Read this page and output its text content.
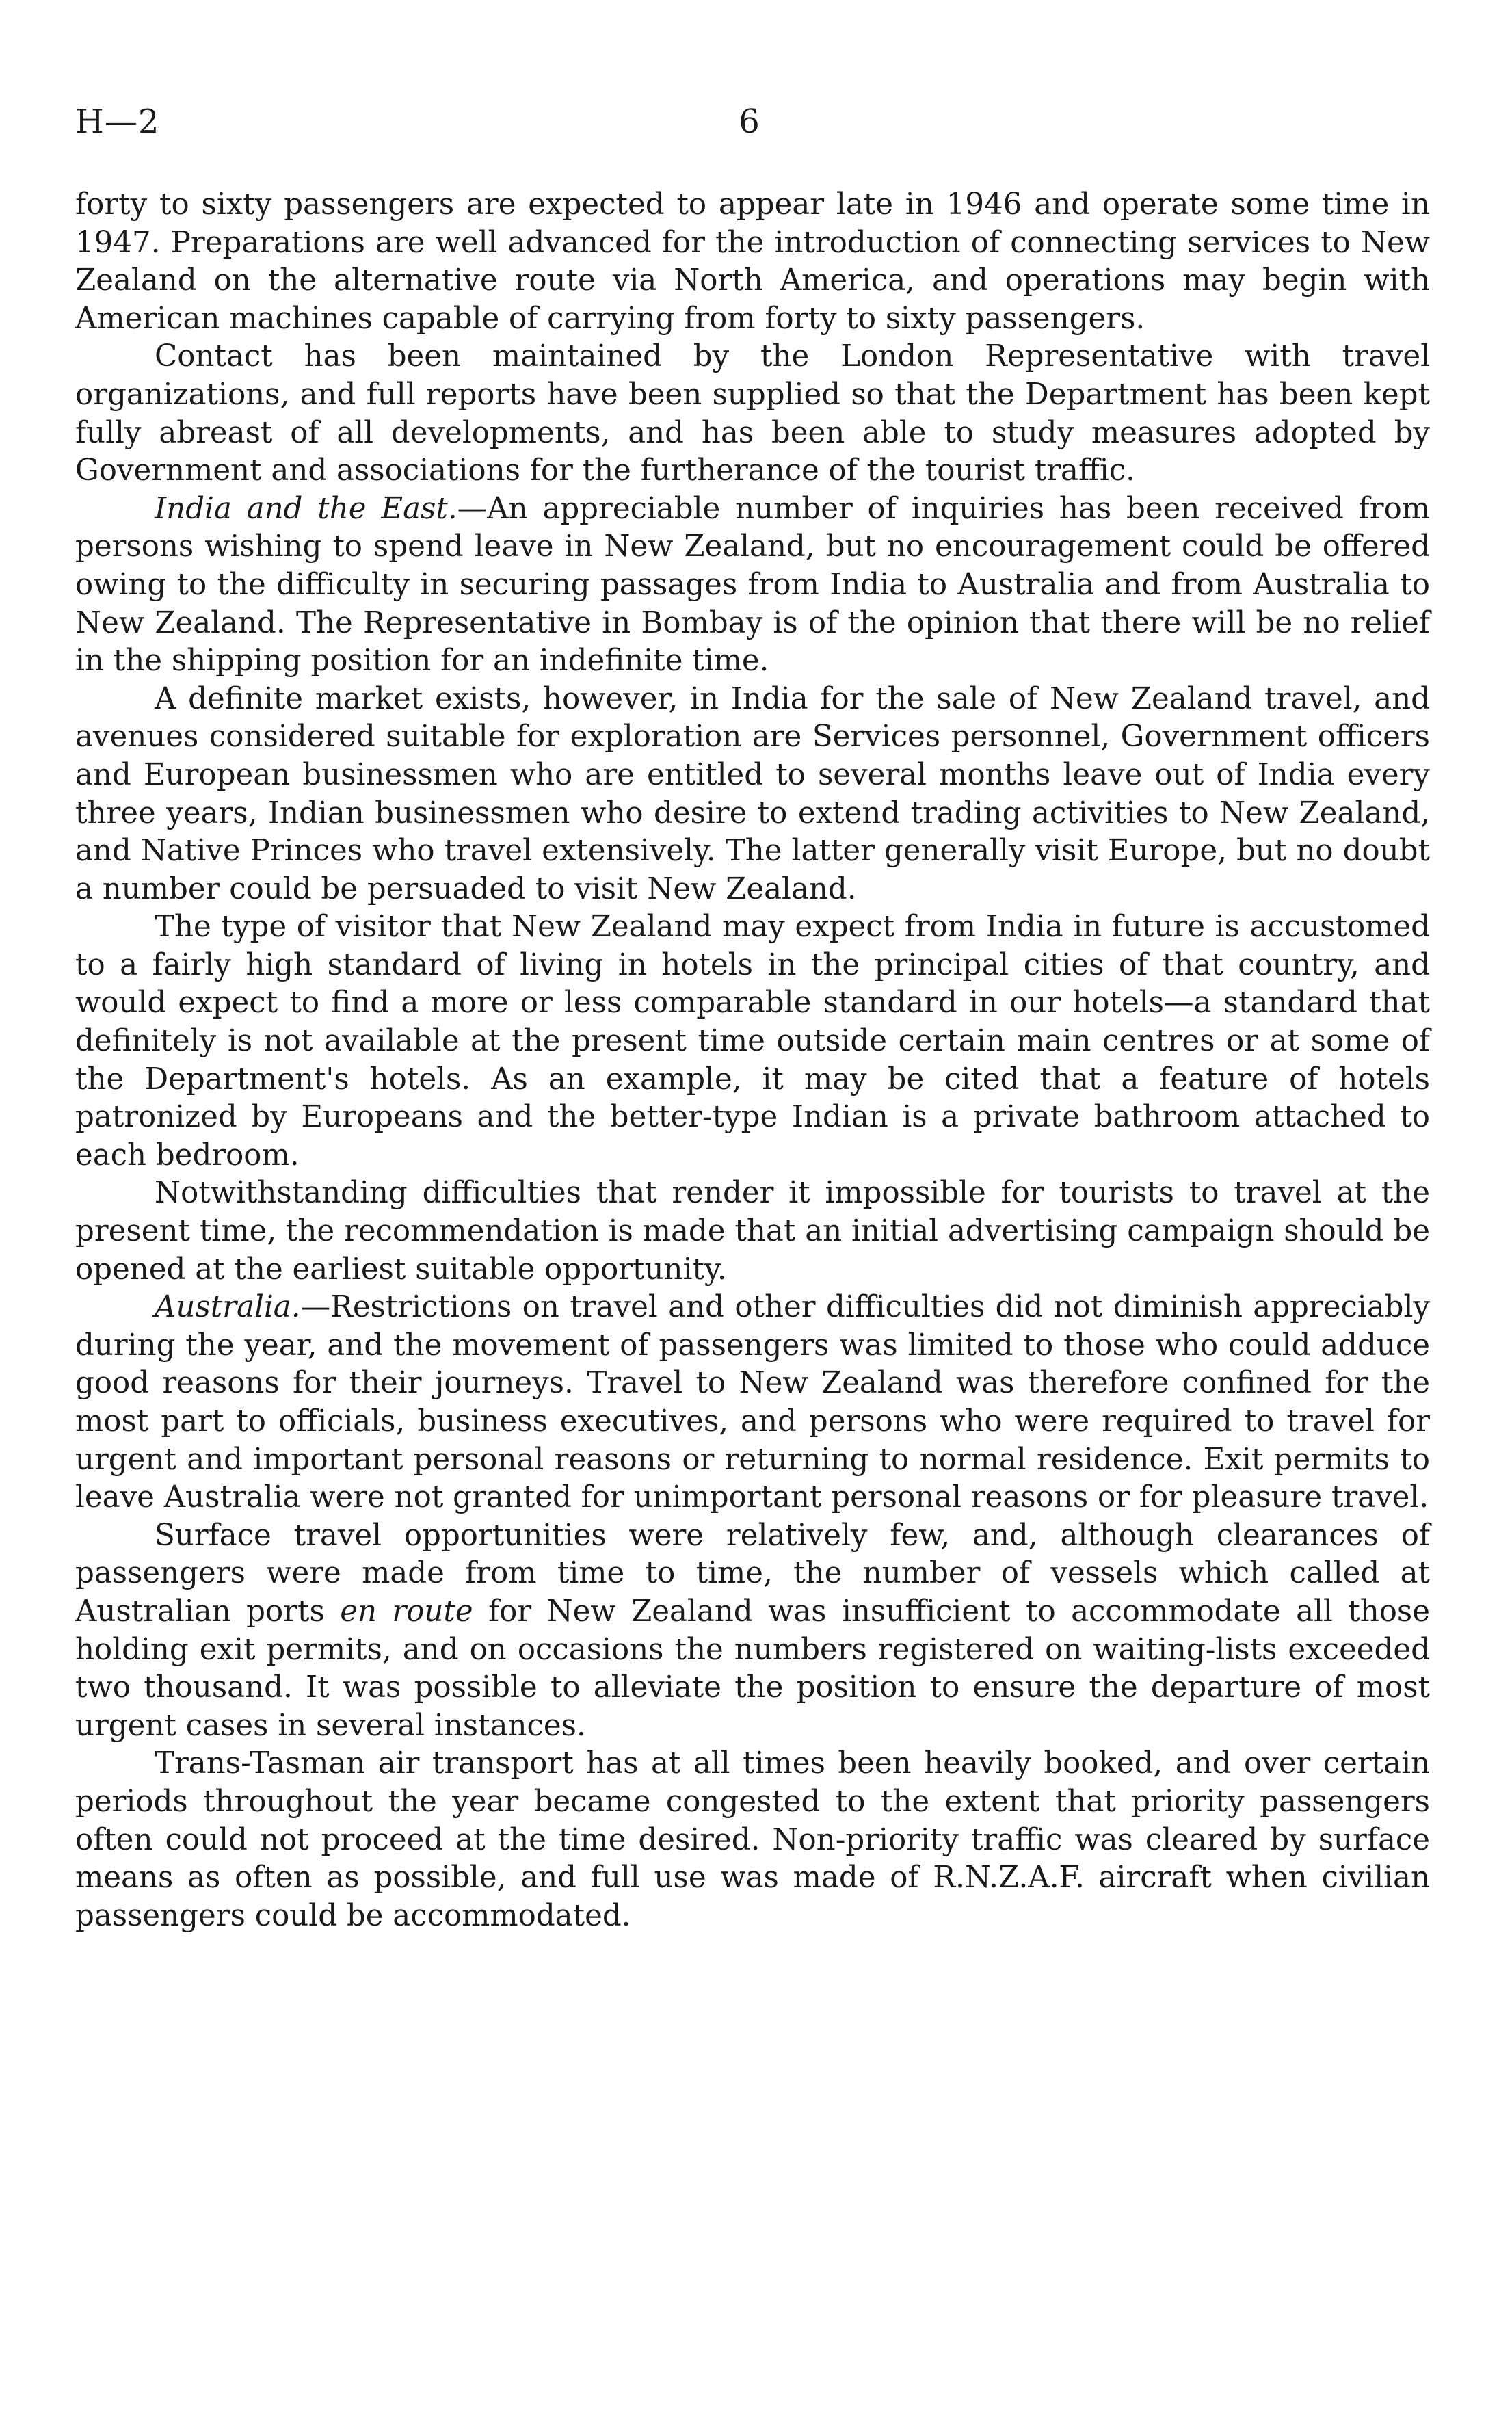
H—2	6

forty to sixty passengers are expected to appear late in 1946 and operate some time in 1947. Preparations are well advanced for the introduction of connecting services to New Zealand on the alternative route via North America, and operations may begin with American machines capable of carrying from forty to sixty passengers.

Contact has been maintained by the London Representative with travel organizations, and full reports have been supplied so that the Department has been kept fully abreast of all developments, and has been able to study measures adopted by Government and associations for the furtherance of the tourist traffic.

India and the East.—An appreciable number of inquiries has been received from persons wishing to spend leave in New Zealand, but no encouragement could be offered owing to the difficulty in securing passages from India to Australia and from Australia to New Zealand. The Representative in Bombay is of the opinion that there will be no relief in the shipping position for an indefinite time.

A definite market exists, however, in India for the sale of New Zealand travel, and avenues considered suitable for exploration are Services personnel, Government officers and European businessmen who are entitled to several months leave out of India every three years, Indian businessmen who desire to extend trading activities to New Zealand, and Native Princes who travel extensively. The latter generally visit Europe, but no doubt a number could be persuaded to visit New Zealand.

The type of visitor that New Zealand may expect from India in future is accustomed to a fairly high standard of living in hotels in the principal cities of that country, and would expect to find a more or less comparable standard in our hotels—a standard that definitely is not available at the present time outside certain main centres or at some of the Department's hotels. As an example, it may be cited that a feature of hotels patronized by Europeans and the better-type Indian is a private bathroom attached to each bedroom.

Notwithstanding difficulties that render it impossible for tourists to travel at the present time, the recommendation is made that an initial advertising campaign should be opened at the earliest suitable opportunity.

Australia.—Restrictions on travel and other difficulties did not diminish appreciably during the year, and the movement of passengers was limited to those who could adduce good reasons for their journeys. Travel to New Zealand was therefore confined for the most part to officials, business executives, and persons who were required to travel for urgent and important personal reasons or returning to normal residence. Exit permits to leave Australia were not granted for unimportant personal reasons or for pleasure travel.

Surface travel opportunities were relatively few, and, although clearances of passengers were made from time to time, the number of vessels which called at Australian ports en route for New Zealand was insufficient to accommodate all those holding exit permits, and on occasions the numbers registered on waiting-lists exceeded two thousand. It was possible to alleviate the position to ensure the departure of most urgent cases in several instances.

Trans-Tasman air transport has at all times been heavily booked, and over certain periods throughout the year became congested to the extent that priority passengers often could not proceed at the time desired. Non-priority traffic was cleared by surface means as often as possible, and full use was made of R.N.Z.A.F. aircraft when civilian passengers could be accommodated.
